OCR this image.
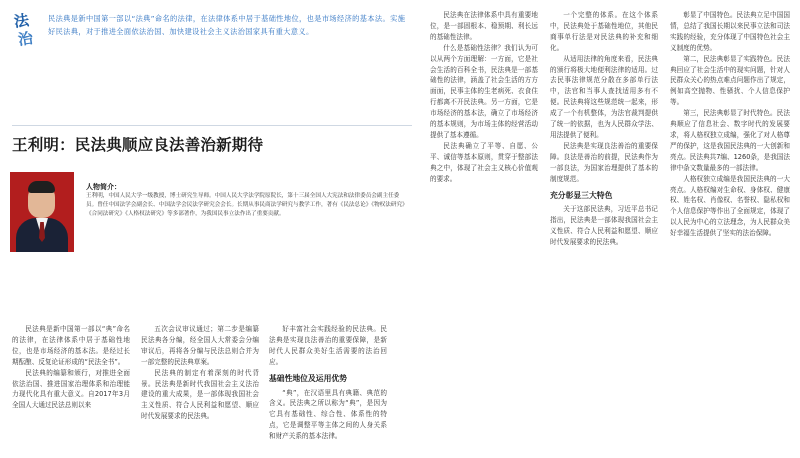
法
治
民法典是新中国第一部以“法典”命名的法律，在法律体系中居于基础性地位，也是市场经济的基本法。实施好民法典，对于推进全面依法治国、加快建设社会主义法治国家具有重大意义。
王利明：民法典顺应良法善治新期待
人物简介：
王利明，中国人民大学一级教授，博士研究生导师。中国人民大学法学院原院长，第十三届全国人大宪法和法律委员会副主任委员。曾任中国法学会副会长、中国法学会民法学研究会会长。长期从事民商法学研究与教学工作，著有《民法总论》《物权法研究》《合同法研究》《人格权法研究》等多部著作，为我国民事立法作出了重要贡献。

民法典是新中国第一部以“典”命名的法律，在法律体系中居于基础性地位，也是市场经济的基本法。是经过长期酝酿、反复论证形成的“民法全书”。

民法典的编纂和颁行，对推进全面依法治国、推进国家治理体系和治理能力现代化具有重大意义。自2017年3月全国人大通过民法总则以来

五次会议审议通过；第二步是编纂民法典各分编，经全国人大常委会分编审议后，再将各分编与民法总则合并为一部完整的民法典草案。

民法典的制定有着深刻的时代背景。民法典是新时代我国社会主义法治建设的重大成果，是一部体现我国社会主义性质、符合人民利益和愿望、顺应时代发展要求的民法典。

好丰富社会实践经验的民法典。民法典是实现良法善治的重要保障，是新时代人民群众美好生活需要的法治回应。

基础性地位及运用优势

“典”，在汉语里具有典籍、典范的含义。民法典之所以称为“典”，是因为它具有基础性、综合性、体系性的特点，它是调整平等主体之间的人身关系和财产关系的基本法律。

民法典在法律体系中具有重要地位，是一部固根本、稳预期、利长远的基础性法律。

什么是基础性法律？我们认为可以从两个方面理解：一方面，它是社会生活的百科全书，民法典是一部基础性的法律，涵盖了社会生活的方方面面，民事主体的生老病死、衣食住行都离不开民法典。另一方面，它是市场经济的基本法，确立了市场经济的基本规则，为市场主体的经营活动提供了基本遵循。

民法典确立了平等、自愿、公平、诚信等基本原则，贯穿于整部法典之中，体现了社会主义核心价值观的要求。

一个完整的体系。在这个体系中，民法典处于基础性地位，其他民商事单行法是对民法典的补充和细化。

从适用法律的角度来看，民法典的颁行将极大地便利法律的适用。过去民事法律规范分散在多部单行法中，法官和当事人查找适用多有不便。民法典将这些规范统一起来，形成了一个有机整体，为法官裁判提供了统一的依据，也为人民群众学法、用法提供了便利。

民法典是实现良法善治的重要保障。良法是善治的前提，民法典作为一部良法，为国家治理提供了基本的制度规范。

充分彰显三大特色

关于这部民法典，习近平总书记指出，民法典是一部体现我国社会主义性质、符合人民利益和愿望、顺应时代发展要求的民法典。

彰显了中国特色。民法典立足中国国情，总结了我国长期以来民事立法和司法实践的经验，充分体现了中国特色社会主义制度的优势。

第二，民法典彰显了实践特色。民法典回应了社会生活中的现实问题，针对人民群众关心的热点难点问题作出了规定，例如高空抛物、性骚扰、个人信息保护等。

第三，民法典彰显了时代特色。民法典顺应了信息社会、数字时代的发展要求，将人格权独立成编，强化了对人格尊严的保护，这是我国民法典的一大创新和亮点。民法典共7编、1260条，是我国法律中条文数量最多的一部法律。

人格权独立成编是我国民法典的一大亮点。人格权编对生命权、身体权、健康权、姓名权、肖像权、名誉权、隐私权和个人信息保护等作出了全面规定，体现了以人民为中心的立法理念，为人民群众美好幸福生活提供了坚实的法治保障。
